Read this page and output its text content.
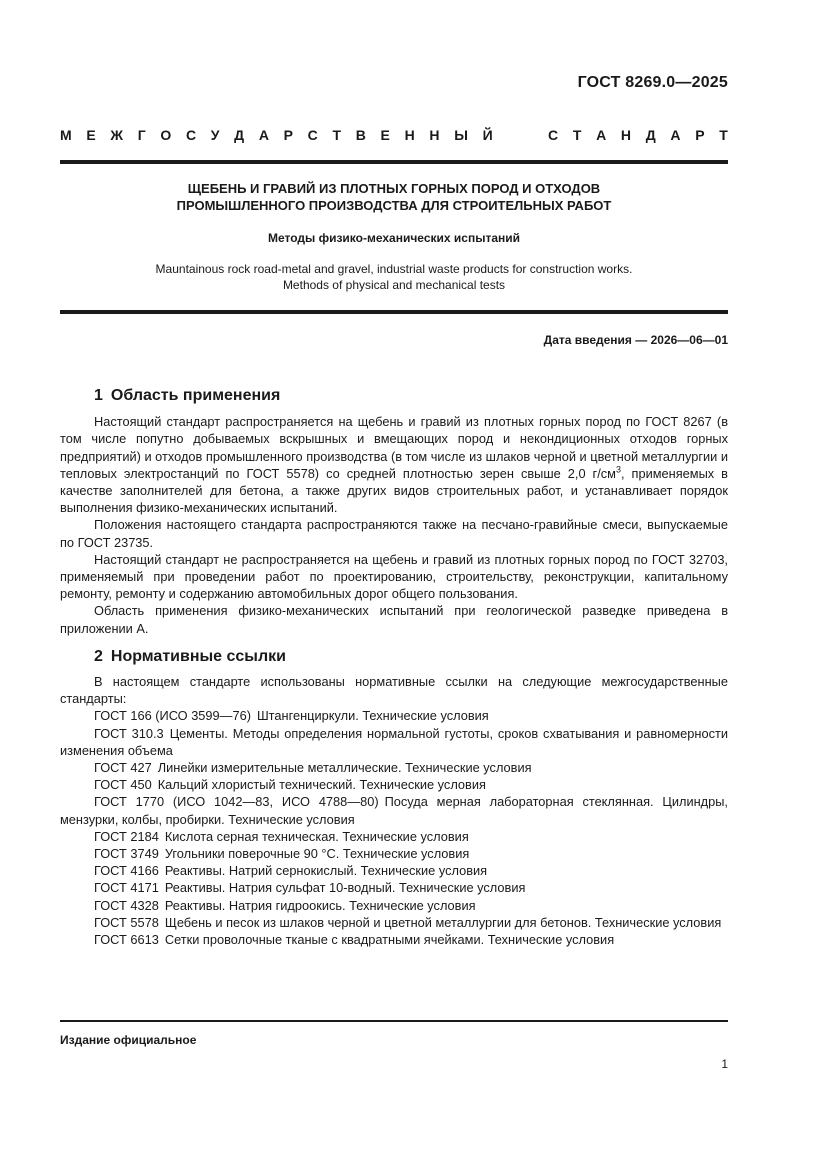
ГОСТ 8269.0—2025
М Е Ж Г О С У Д А Р С Т В Е Н Н Ы Й	С Т А Н Д А Р Т
ЩЕБЕНЬ И ГРАВИЙ ИЗ ПЛОТНЫХ ГОРНЫХ ПОРОД И ОТХОДОВ
ПРОМЫШЛЕННОГО ПРОИЗВОДСТВА ДЛЯ СТРОИТЕЛЬНЫХ РАБОТ
Методы физико-механических испытаний
Mauntainous rock road-metal and gravel, industrial waste products for construction works.
Methods of physical and mechanical tests
Дата введения — 2026—06—01
1 Область применения

Настоящий стандарт распространяется на щебень и гравий из плотных горных пород по ГОСТ 8267 (в том числе попутно добываемых вскрышных и вмещающих пород и некондиционных отходов горных предприятий) и отходов промышленного производства (в том числе из шлаков черной и цветной металлургии и тепловых электростанций по ГОСТ 5578) со средней плотностью зерен свыше 2,0 $г/см^3$, применяемых в качестве заполнителей для бетона, а также других видов строительных работ, и устанавливает порядок выполнения физико-механических испытаний.

Положения настоящего стандарта распространяются также на песчано-гравийные смеси, выпускаемые по ГОСТ 23735.

Настоящий стандарт не распространяется на щебень и гравий из плотных горных пород по ГОСТ 32703, применяемый при проведении работ по проектированию, строительству, реконструкции, капитальному ремонту, ремонту и содержанию автомобильных дорог общего пользования.

Область применения физико-механических испытаний при геологической разведке приведена в приложении А.

2 Нормативные ссылки

В настоящем стандарте использованы нормативные ссылки на следующие межгосударственные стандарты:

ГОСТ 166 (ИСО 3599—76) Штангенциркули. Технические условия

ГОСТ 310.3 Цементы. Методы определения нормальной густоты, сроков схватывания и равномерности изменения объема

ГОСТ 427 Линейки измерительные металлические. Технические условия

ГОСТ 450 Кальций хлористый технический. Технические условия

ГОСТ 1770 (ИСО 1042—83, ИСО 4788—80) Посуда мерная лабораторная стеклянная. Цилиндры, мензурки, колбы, пробирки. Технические условия

ГОСТ 2184 Кислота серная техническая. Технические условия

ГОСТ 3749 Угольники поверочные 90 °С. Технические условия

ГОСТ 4166 Реактивы. Натрий сернокислый. Технические условия

ГОСТ 4171 Реактивы. Натрия сульфат 10-водный. Технические условия

ГОСТ 4328 Реактивы. Натрия гидроокись. Технические условия

ГОСТ 5578 Щебень и песок из шлаков черной и цветной металлургии для бетонов. Технические условия

ГОСТ 6613 Сетки проволочные тканые с квадратными ячейками. Технические условия

Издание официальное
1
